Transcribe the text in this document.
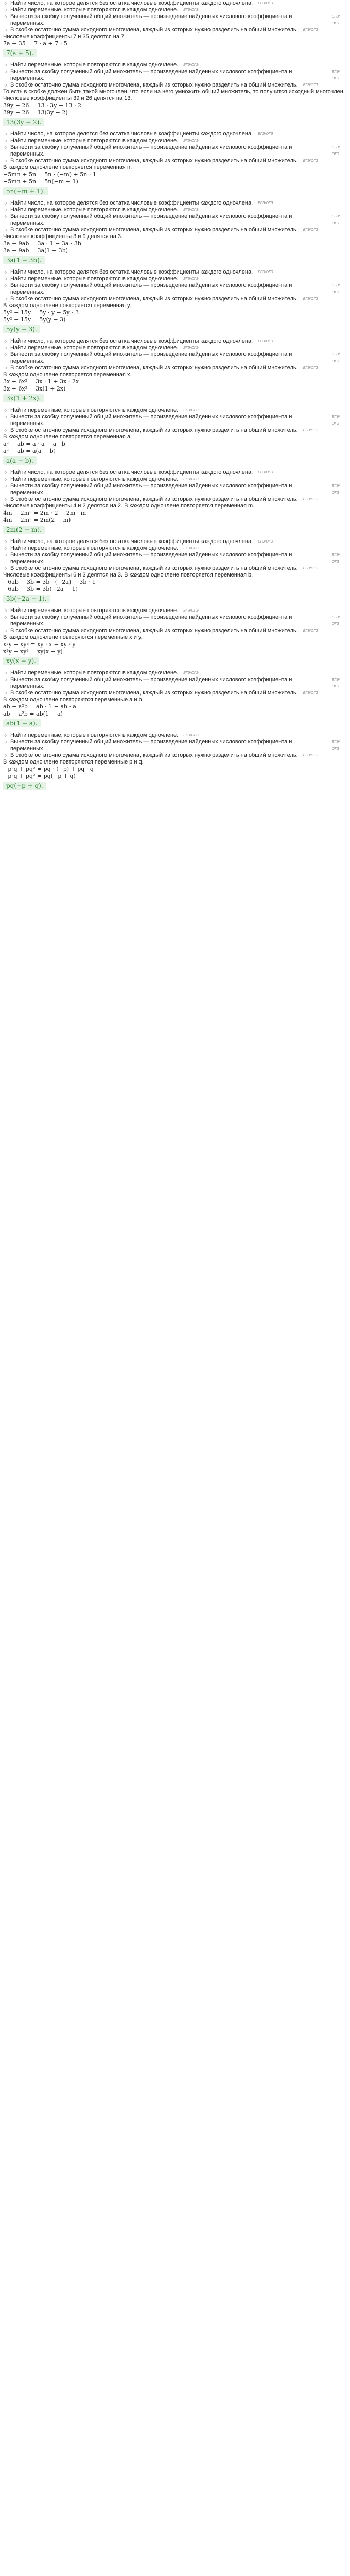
○ Найти число, на которое делятся без остатка числовые коэффициенты каждого одночлена. ЕГЭ/ОГЭ
○ Найти переменные, которые повторяются в каждом одночлене. ЕГЭ/ОГЭ
○ Вынести за скобку полученный общий множитель — произведение найденных числового коэффициента и переменных.
ЕГЭ/ОГЭ
○ В скобке остаточно сумма исходного многочлена, каждый из которых нужно разделить на общий множитель. ЕГЭ/ОГЭ
Числовые коэффициенты 7 и 35 делятся на 7.
7a + 35 = 7 · a + 7 · 5
7(a + 5).
○ Найти переменные, которые повторяются в каждом одночлене. ЕГЭ/ОГЭ
○ Вынести за скобку полученный общий множитель — произведение найденных числового коэффициента и переменных.
ЕГЭ/ОГЭ
○ В скобке остаточно сумма исходного многочлена, каждый из которых нужно разделить на общий множитель. ЕГЭ/ОГЭ
То есть в скобке должен быть такой многочлен, что если на него умножить общий множитель, то получится исходный многочлен. Числовые коэффициенты 39 и 26 делятся на 13.
39y − 26 = 13 · 3y − 13 · 2
39y − 26 = 13(3y − 2)
13(3y − 2).
○ Найти число, на которое делятся без остатка числовые коэффициенты каждого одночлена. ЕГЭ/ОГЭ
○ Найти переменные, которые повторяются в каждом одночлене. ЕГЭ/ОГЭ
○ Вынести за скобку полученный общий множитель — произведение найденных числового коэффициента и переменных.
ЕГЭ/ОГЭ
○ В скобке остаточно сумма исходного многочлена, каждый из которых нужно разделить на общий множитель. ЕГЭ/ОГЭ
В каждом одночлене повторяется переменная n.
−5mn + 5n = 5n · (−m) + 5n · 1
−5mn + 5n = 5n(−m + 1)
5n(−m + 1).
○ Найти число, на которое делятся без остатка числовые коэффициенты каждого одночлена. ЕГЭ/ОГЭ
○ Найти переменные, которые повторяются в каждом одночлене. ЕГЭ/ОГЭ
○ Вынести за скобку полученный общий множитель — произведение найденных числового коэффициента и переменных.
ЕГЭ/ОГЭ
○ В скобке остаточно сумма исходного многочлена, каждый из которых нужно разделить на общий множитель. ЕГЭ/ОГЭ
Числовые коэффициенты 3 и 9 делятся на 3.
3a − 9ab = 3a · 1 − 3a · 3b
3a − 9ab = 3a(1 − 3b)
3a(1 − 3b).
○ Найти число, на которое делятся без остатка числовые коэффициенты каждого одночлена. ЕГЭ/ОГЭ
○ Найти переменные, которые повторяются в каждом одночлене. ЕГЭ/ОГЭ
○ Вынести за скобку полученный общий множитель — произведение найденных числового коэффициента и переменных.
ЕГЭ/ОГЭ
○ В скобке остаточно сумма исходного многочлена, каждый из которых нужно разделить на общий множитель. ЕГЭ/ОГЭ
В каждом одночлене повторяется переменная y.
5y² − 15y = 5y · y − 5y · 3
5y² − 15y = 5y(y − 3)
5y(y − 3).
○ Найти число, на которое делятся без остатка числовые коэффициенты каждого одночлена. ЕГЭ/ОГЭ
○ Найти переменные, которые повторяются в каждом одночлене. ЕГЭ/ОГЭ
○ Вынести за скобку полученный общий множитель — произведение найденных числового коэффициента и переменных.
ЕГЭ/ОГЭ
○ В скобке остаточно сумма исходного многочлена, каждый из которых нужно разделить на общий множитель. ЕГЭ/ОГЭ
В каждом одночлене повторяется переменная x.
3x + 6x² = 3x · 1 + 3x · 2x
3x + 6x² = 3x(1 + 2x)
3x(1 + 2x).
○ Найти переменные, которые повторяются в каждом одночлене. ЕГЭ/ОГЭ
○ Вынести за скобку полученный общий множитель — произведение найденных числового коэффициента и переменных.
ЕГЭ/ОГЭ
○ В скобке остаточно сумма исходного многочлена, каждый из которых нужно разделить на общий множитель. ЕГЭ/ОГЭ
В каждом одночлене повторяется переменная a.
a² − ab = a · a − a · b
a² − ab = a(a − b)
a(a − b).
○ Найти число, на которое делятся без остатка числовые коэффициенты каждого одночлена. ЕГЭ/ОГЭ
○ Найти переменные, которые повторяются в каждом одночлене. ЕГЭ/ОГЭ
○ Вынести за скобку полученный общий множитель — произведение найденных числового коэффициента и переменных.
ЕГЭ/ОГЭ
○ В скобке остаточно сумма исходного многочлена, каждый из которых нужно разделить на общий множитель. ЕГЭ/ОГЭ
Числовые коэффициенты 4 и 2 делятся на 2. В каждом одночлене повторяется переменная m.
4m − 2m² = 2m · 2 − 2m · m
4m − 2m² = 2m(2 − m)
2m(2 − m).
○ Найти число, на которое делятся без остатка числовые коэффициенты каждого одночлена. ЕГЭ/ОГЭ
○ Найти переменные, которые повторяются в каждом одночлене. ЕГЭ/ОГЭ
○ Вынести за скобку полученный общий множитель — произведение найденных числового коэффициента и переменных.
ЕГЭ/ОГЭ
○ В скобке остаточно сумма исходного многочлена, каждый из которых нужно разделить на общий множитель. ЕГЭ/ОГЭ
Числовые коэффициенты 6 и 3 делятся на 3. В каждом одночлене повторяется переменная b.
−6ab − 3b = 3b · (−2a) − 3b · 1
−6ab − 3b = 3b(−2a − 1)
3b(−2a − 1).
○ Найти переменные, которые повторяются в каждом одночлене. ЕГЭ/ОГЭ
○ Вынести за скобку полученный общий множитель — произведение найденных числового коэффициента и переменных.
ЕГЭ/ОГЭ
○ В скобке остаточно сумма исходного многочлена, каждый из которых нужно разделить на общий множитель. ЕГЭ/ОГЭ
В каждом одночлене повторяются переменные x и y.
x²y − xy² = xy · x − xy · y
x²y − xy² = xy(x − y)
xy(x − y).
○ Найти переменные, которые повторяются в каждом одночлене. ЕГЭ/ОГЭ
○ Вынести за скобку полученный общий множитель — произведение найденных числового коэффициента и переменных.
ЕГЭ/ОГЭ
○ В скобке остаточно сумма исходного многочлена, каждый из которых нужно разделить на общий множитель. ЕГЭ/ОГЭ
В каждом одночлене повторяются переменные a и b.
ab − a²b = ab · 1 − ab · a
ab − a²b = ab(1 − a)
ab(1 − a).
○ Найти переменные, которые повторяются в каждом одночлене. ЕГЭ/ОГЭ
○ Вынести за скобку полученный общий множитель — произведение найденных числового коэффициента и переменных.
ЕГЭ/ОГЭ
○ В скобке остаточно сумма исходного многочлена, каждый из которых нужно разделить на общий множитель. ЕГЭ/ОГЭ
В каждом одночлене повторяются переменные p и q.
−p²q + pq² = pq · (−p) + pq · q
−p²q + pq² = pq(−p + q)
pq(−p + q).
